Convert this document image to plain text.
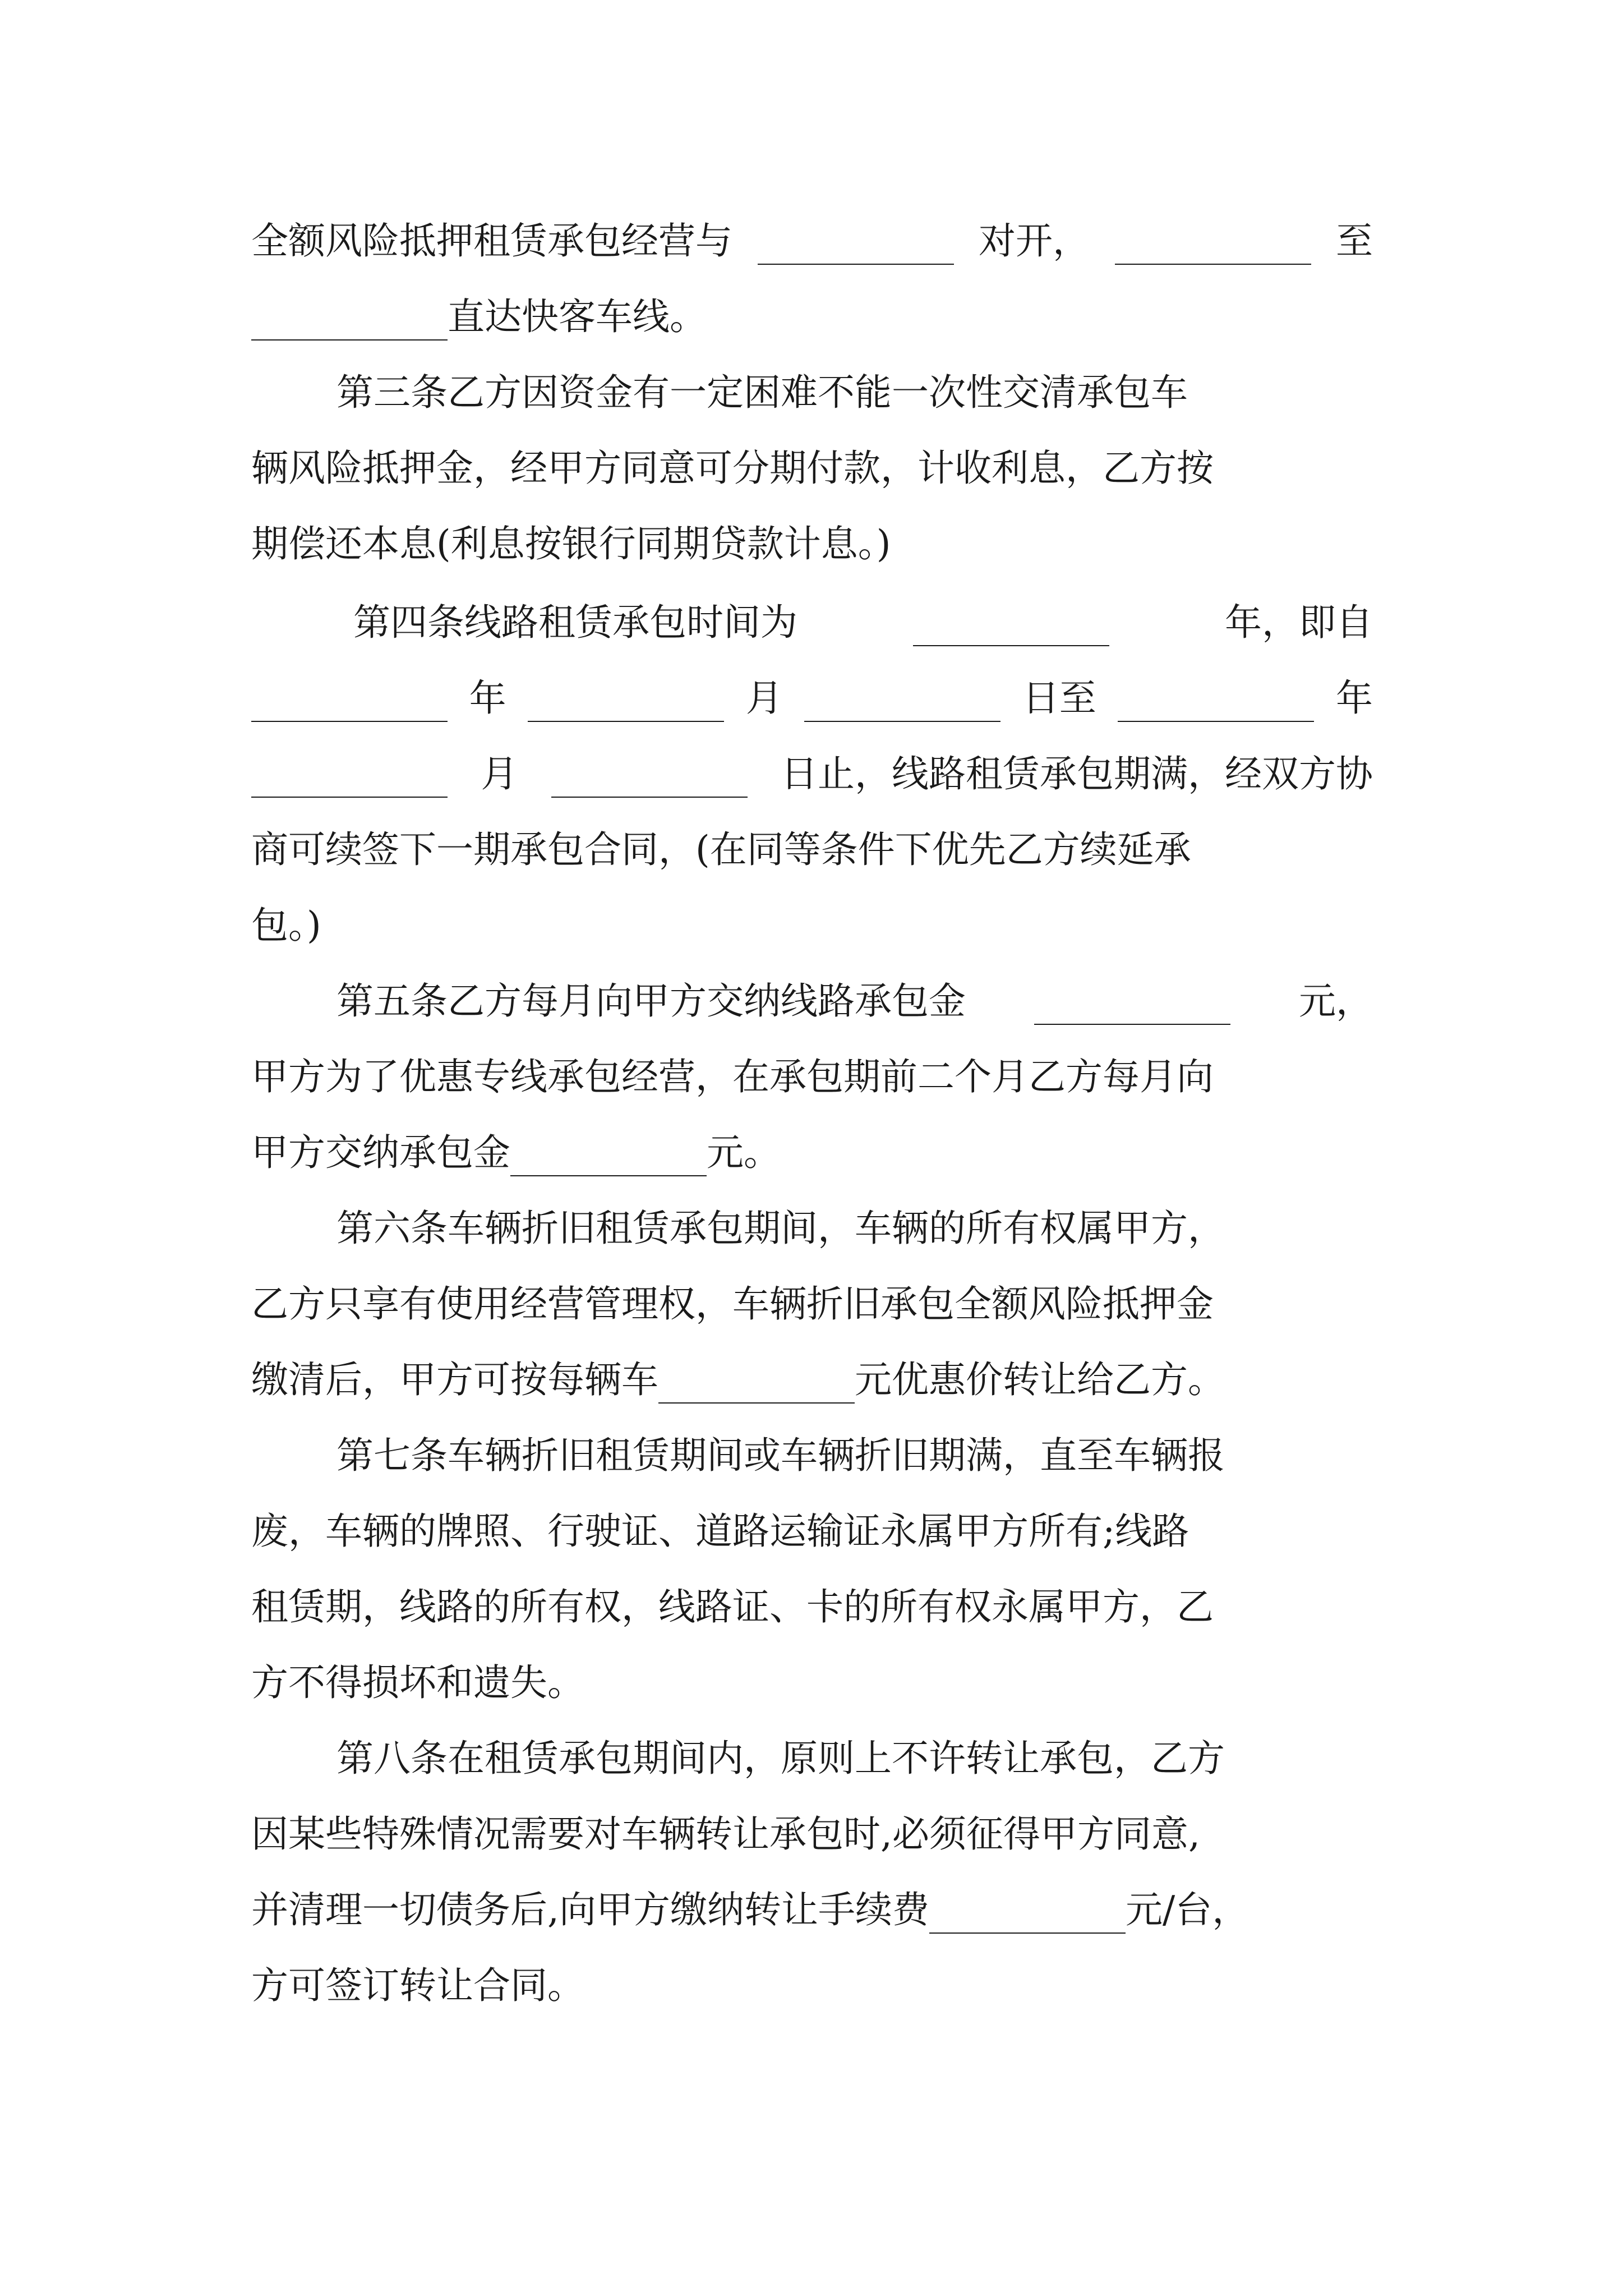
全额风险抵押租赁承包经营与	对开，	至
直达快客车线。
第三条乙方因资金有一定困难不能一次性交清承包车
辆风险抵押金，经甲方同意可分期付款，计收利息，乙方按
期偿还本息(利息按银行同期贷款计息。)
第四条线路租赁承包时间为	年，即自
年	月	日至	年
月	日止，线路租赁承包期满，经双方协
商可续签下一期承包合同，(在同等条件下优先乙方续延承
包。)
第五条乙方每月向甲方交纳线路承包金	元，
甲方为了优惠专线承包经营，在承包期前二个月乙方每月向
甲方交纳承包金	元。
第六条车辆折旧租赁承包期间，车辆的所有权属甲方，
乙方只享有使用经营管理权，车辆折旧承包全额风险抵押金
缴清后，甲方可按每辆车	元优惠价转让给乙方。
第七条车辆折旧租赁期间或车辆折旧期满，直至车辆报
废，车辆的牌照、行驶证、道路运输证永属甲方所有;线路
租赁期，线路的所有权，线路证、卡的所有权永属甲方，乙
方不得损坏和遗失。
第八条在租赁承包期间内，原则上不许转让承包，乙方
因某些特殊情况需要对车辆转让承包时,必须征得甲方同意,
并清理一切债务后,向甲方缴纳转让手续费	元/台，
方可签订转让合同。
